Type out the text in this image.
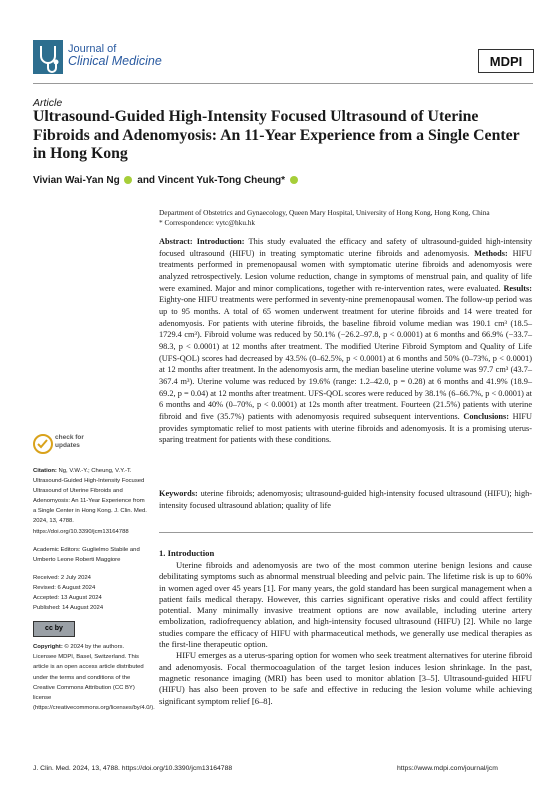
Journal of
Clinical Medicine	MDPI
Article
Ultrasound-Guided High-Intensity Focused Ultrasound of Uterine Fibroids and Adenomyosis: An 11-Year Experience from a Single Center in Hong Kong
Vivian Wai-Yan Ng and Vincent Yuk-Tong Cheung*
Department of Obstetrics and Gynaecology, Queen Mary Hospital, University of Hong Kong, Hong Kong, China
* Correspondence: vytc@hku.hk
Abstract: Introduction: This study evaluated the efficacy and safety of ultrasound-guided high-intensity focused ultrasound (HIFU) in treating symptomatic uterine fibroids and adenomyosis. Methods: HIFU treatments performed in premenopausal women with symptomatic uterine fibroids and adenomyosis were analyzed retrospectively. Lesion volume reduction, change in symptoms of menstrual pain, and quality of life were examined. Major and minor complications, together with re-intervention rates, were evaluated. Results: Eighty-one HIFU treatments were performed in seventy-nine premenopausal women. The follow-up period was up to 95 months. A total of 65 women underwent treatment for uterine fibroids and 14 were treated for adenomyosis. For patients with uterine fibroids, the baseline fibroid volume median was 190.1 cm³ (18.5–1729.4 cm³). Fibroid volume was reduced by 50.1% (−26.2–97.8, p < 0.0001) at 6 months and 66.9% (−33.7–98.3, p < 0.0001) at 12 months after treatment. The modified Uterine Fibroid Symptom and Quality of Life (UFS-QOL) scores had decreased by 43.5% (0–62.5%, p < 0.0001) at 6 months and 50% (0–73%, p < 0.0001) at 12 months after treatment. In the adenomyosis arm, the median baseline uterine volume was 97.7 cm³ (43.7–367.4 m³). Uterine volume was reduced by 19.6% (range: 1.2–42.0, p = 0.28) at 6 months and 41.9% (18.9–69.2, p = 0.04) at 12 months after treatment. UFS-QOL scores were reduced by 38.1% (6–66.7%, p < 0.0001) at 6 months and 40% (0–70%, p < 0.0001) at 12s month after treatment. Fourteen (21.5%) patients with uterine fibroid and five (35.7%) patients with adenomyosis required subsequent interventions. Conclusions: HIFU provides symptomatic relief to most patients with uterine fibroids and adenomyosis. It is a promising uterus-sparing treatment for patients with these conditions.
Keywords: uterine fibroids; adenomyosis; ultrasound-guided high-intensity focused ultrasound (HIFU); high-intensity focused ultrasound ablation; quality of life
check for
updates

Citation: Ng, V.W.-Y.; Cheung, V.Y.-T. Ultrasound-Guided High-Intensity Focused Ultrasound of Uterine Fibroids and Adenomyosis: An 11-Year Experience from a Single Center in Hong Kong. J. Clin. Med. 2024, 13, 4788. https://doi.org/10.3390/jcm13164788

Academic Editors: Guglielmo Stabile and Umberto Leone Roberti Maggiore

Received: 2 July 2024

Revised: 6 August 2024

Accepted: 13 August 2024

Published: 14 August 2024

cc by

Copyright: © 2024 by the authors. Licensee MDPI, Basel, Switzerland. This article is an open access article distributed under the terms and conditions of the Creative Commons Attribution (CC BY) license (https://creativecommons.org/licenses/by/4.0/).

1. Introduction

Uterine fibroids and adenomyosis are two of the most common uterine benign lesions and cause debilitating symptoms such as abnormal menstrual bleeding and pelvic pain. The lifetime risk is up to 60% in women aged over 45 years [1]. For many years, the gold standard has been surgical management when a patient fails medical therapy. However, this carries significant operative risks and could affect fertility potential. Many minimally invasive treatment options are now available, including uterine artery embolization, radiofrequency ablation, and high-intensity focused ultrasound (HIFU) [2]. While no large studies compare the efficacy of HIFU with pharmaceutical methods, we generally use medical therapies as the first-line therapeutic option.

HIFU emerges as a uterus-sparing option for women who seek treatment alternatives for uterine fibroid and adenomyosis. Focal thermocoagulation of the target lesion induces lesion shrinkage. In the past, magnetic resonance imaging (MRI) has been used to monitor ablation [3–5]. Ultrasound-guided HIFU (HIFU) has also been proven to be safe and effective in reducing the lesion volume while achieving significant symptom relief [6–8].

J. Clin. Med. 2024, 13, 4788. https://doi.org/10.3390/jcm13164788	https://www.mdpi.com/journal/jcm
